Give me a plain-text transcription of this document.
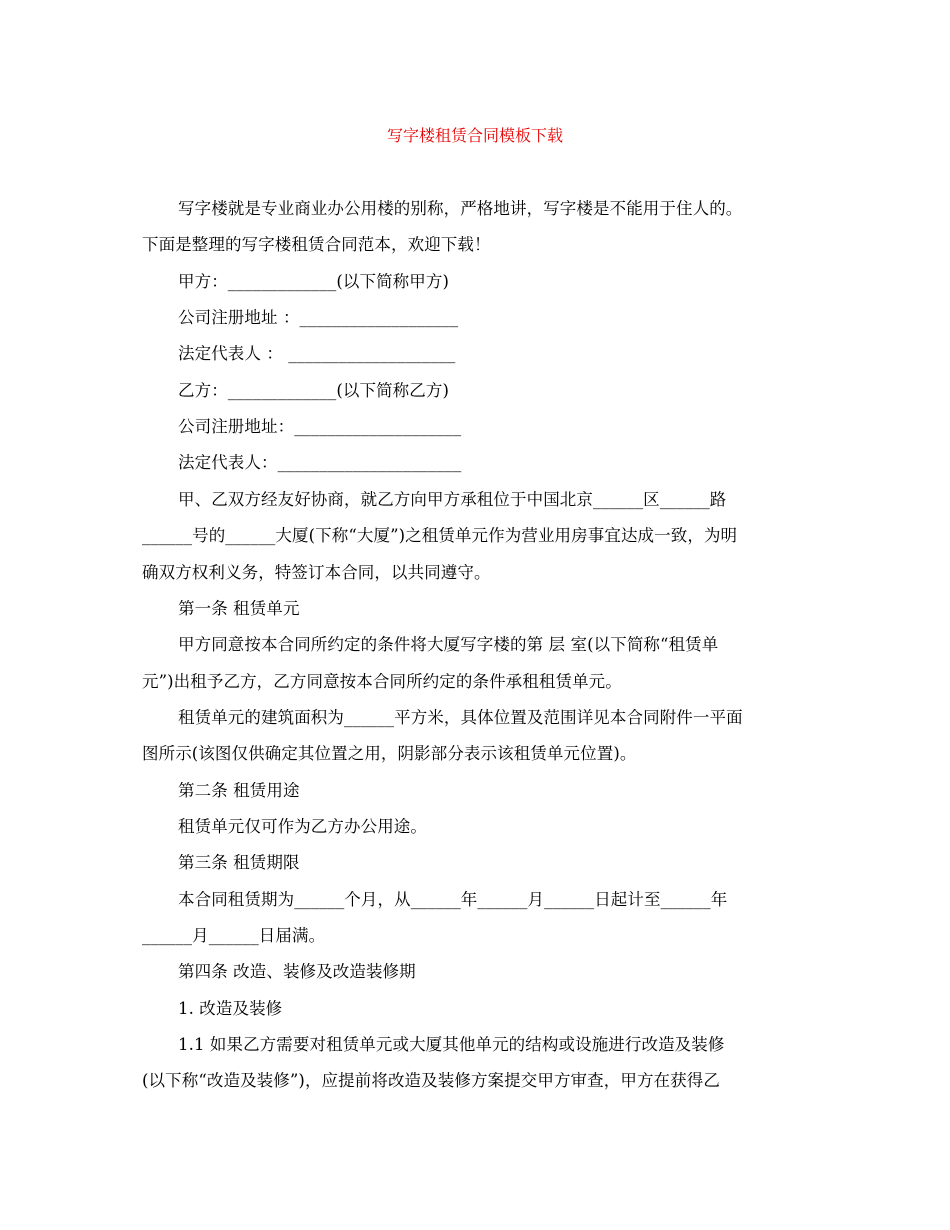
写字楼租赁合同模板下载
写字楼就是专业商业办公用楼的别称，严格地讲，写字楼是不能用于住人的。
下面是整理的写字楼租赁合同范本，欢迎下载！
甲方：_____________(以下简称甲方)
公司注册地址 ：___________________
法定代表人 ： ____________________
乙方：_____________(以下简称乙方)
公司注册地址：____________________
法定代表人：______________________
甲、乙双方经友好协商，就乙方向甲方承租位于中国北京______区______路
______号的______大厦(下称“大厦”)之租赁单元作为营业用房事宜达成一致，为明
确双方权利义务，特签订本合同，以共同遵守。
第一条 租赁单元
甲方同意按本合同所约定的条件将大厦写字楼的第 层 室(以下简称“租赁单
元”)出租予乙方，乙方同意按本合同所约定的条件承租租赁单元。
租赁单元的建筑面积为______平方米，具体位置及范围详见本合同附件一平面
图所示(该图仅供确定其位置之用，阴影部分表示该租赁单元位置)。
第二条 租赁用途
租赁单元仅可作为乙方办公用途。
第三条 租赁期限
本合同租赁期为______个月，从______年______月______日起计至______年
______月______日届满。
第四条 改造、装修及改造装修期
1. 改造及装修
1.1 如果乙方需要对租赁单元或大厦其他单元的结构或设施进行改造及装修
(以下称“改造及装修”)，应提前将改造及装修方案提交甲方审查，甲方在获得乙
